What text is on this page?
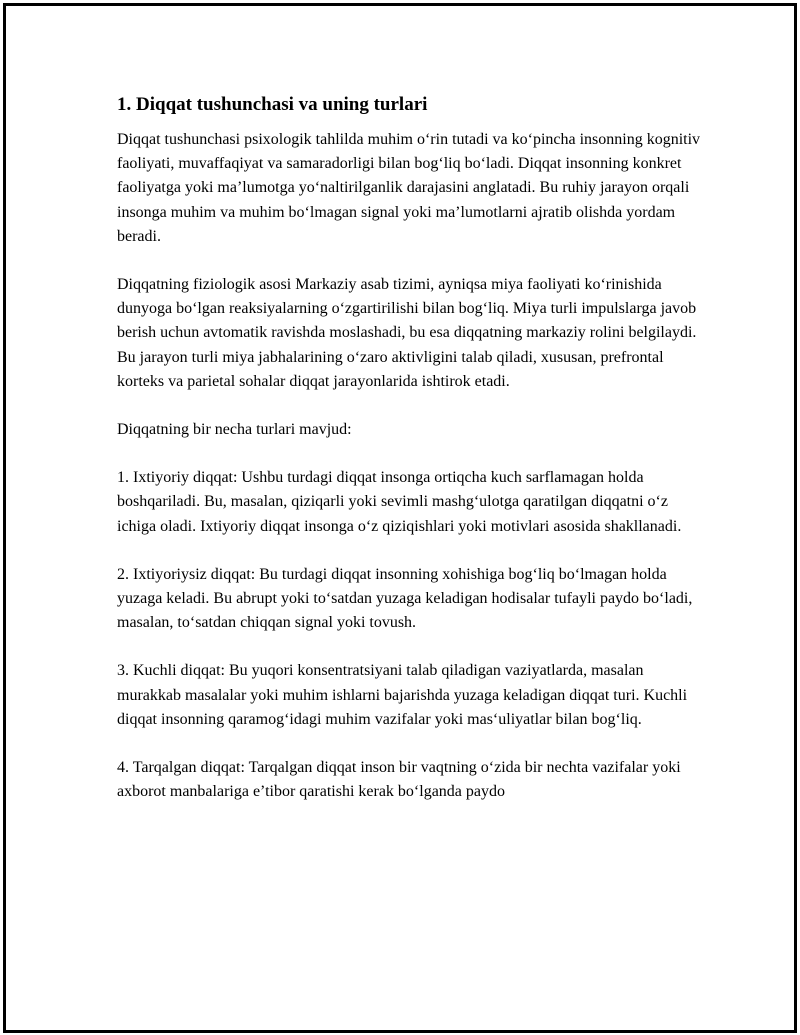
1. Diqqat tushunchasi va uning turlari

Diqqat tushunchasi psixologik tahlilda muhim o‘rin tutadi va ko‘pincha insonning kognitiv faoliyati, muvaffaqiyat va samaradorligi bilan bog‘liq bo‘ladi. Diqqat insonning konkret faoliyatga yoki ma’lumotga yo‘naltirilganlik darajasini anglatadi. Bu ruhiy jarayon orqali insonga muhim va muhim bo‘lmagan signal yoki ma’lumotlarni ajratib olishda yordam beradi.

Diqqatning fiziologik asosi Markaziy asab tizimi, ayniqsa miya faoliyati ko‘rinishida dunyoga bo‘lgan reaksiyalarning o‘zgartirilishi bilan bog‘liq. Miya turli impulslarga javob berish uchun avtomatik ravishda moslashadi, bu esa diqqatning markaziy rolini belgilaydi. Bu jarayon turli miya jabhalarining o‘zaro aktivligini talab qiladi, xususan, prefrontal korteks va parietal sohalar diqqat jarayonlarida ishtirok etadi.

Diqqatning bir necha turlari mavjud:

1. Ixtiyoriy diqqat: Ushbu turdagi diqqat insonga ortiqcha kuch sarflamagan holda boshqariladi. Bu, masalan, qiziqarli yoki sevimli mashg‘ulotga qaratilgan diqqatni o‘z ichiga oladi. Ixtiyoriy diqqat insonga o‘z qiziqishlari yoki motivlari asosida shakllanadi.

2. Ixtiyoriysiz diqqat: Bu turdagi diqqat insonning xohishiga bog‘liq bo‘lmagan holda yuzaga keladi. Bu abrupt yoki to‘satdan yuzaga keladigan hodisalar tufayli paydo bo‘ladi, masalan, to‘satdan chiqqan signal yoki tovush.

3. Kuchli diqqat: Bu yuqori konsentratsiyani talab qiladigan vaziyatlarda, masalan murakkab masalalar yoki muhim ishlarni bajarishda yuzaga keladigan diqqat turi. Kuchli diqqat insonning qaramog‘idagi muhim vazifalar yoki mas‘uliyatlar bilan bog‘liq.

4. Tarqalgan diqqat: Tarqalgan diqqat inson bir vaqtning o‘zida bir nechta vazifalar yoki axborot manbalariga e’tibor qaratishi kerak bo‘lganda paydo
